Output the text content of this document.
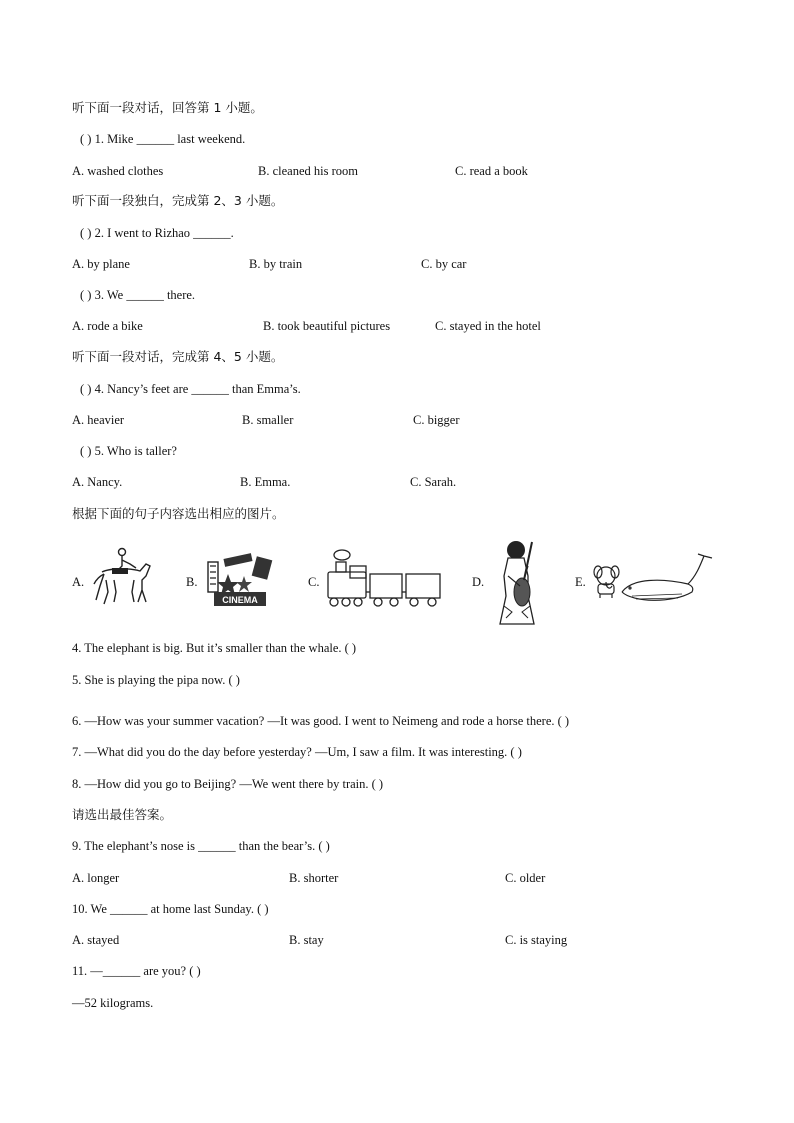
听下面一段对话，回答第 1 小题。
( ) 1. Mike ______ last weekend.
A. washed clothes	B. cleaned his room	C. read a book
听下面一段独白，完成第 2、3 小题。
( ) 2. I went to Rizhao ______.
A. by plane	B. by train	C. by car
( ) 3. We ______ there.
A. rode a bike	B. took beautiful pictures	C. stayed in the hotel
听下面一段对话，完成第 4、5 小题。
( ) 4. Nancy’s feet are ______ than Emma’s.
A. heavier	B. smaller	C. bigger
( ) 5. Who is taller?
A. Nancy.	B. Emma.	C. Sarah.
根据下面的句子内容选出相应的图片。
A.	B.
CINEMA
C.	D.	E.
4. The elephant is big. But it’s smaller than the whale. ( )
5. She is playing the pipa now. ( )
6. —How was your summer vacation? —It was good. I went to Neimeng and rode a horse there. ( )
7. —What did you do the day before yesterday? —Um, I saw a film. It was interesting. ( )
8. —How did you go to Beijing? —We went there by train. ( )
请选出最佳答案。
9. The elephant’s nose is ______ than the bear’s. ( )
A. longer	B. shorter	C. older
10. We ______ at home last Sunday. ( )
A. stayed	B. stay	C. is staying
11. —______ are you? ( )
—52 kilograms.
